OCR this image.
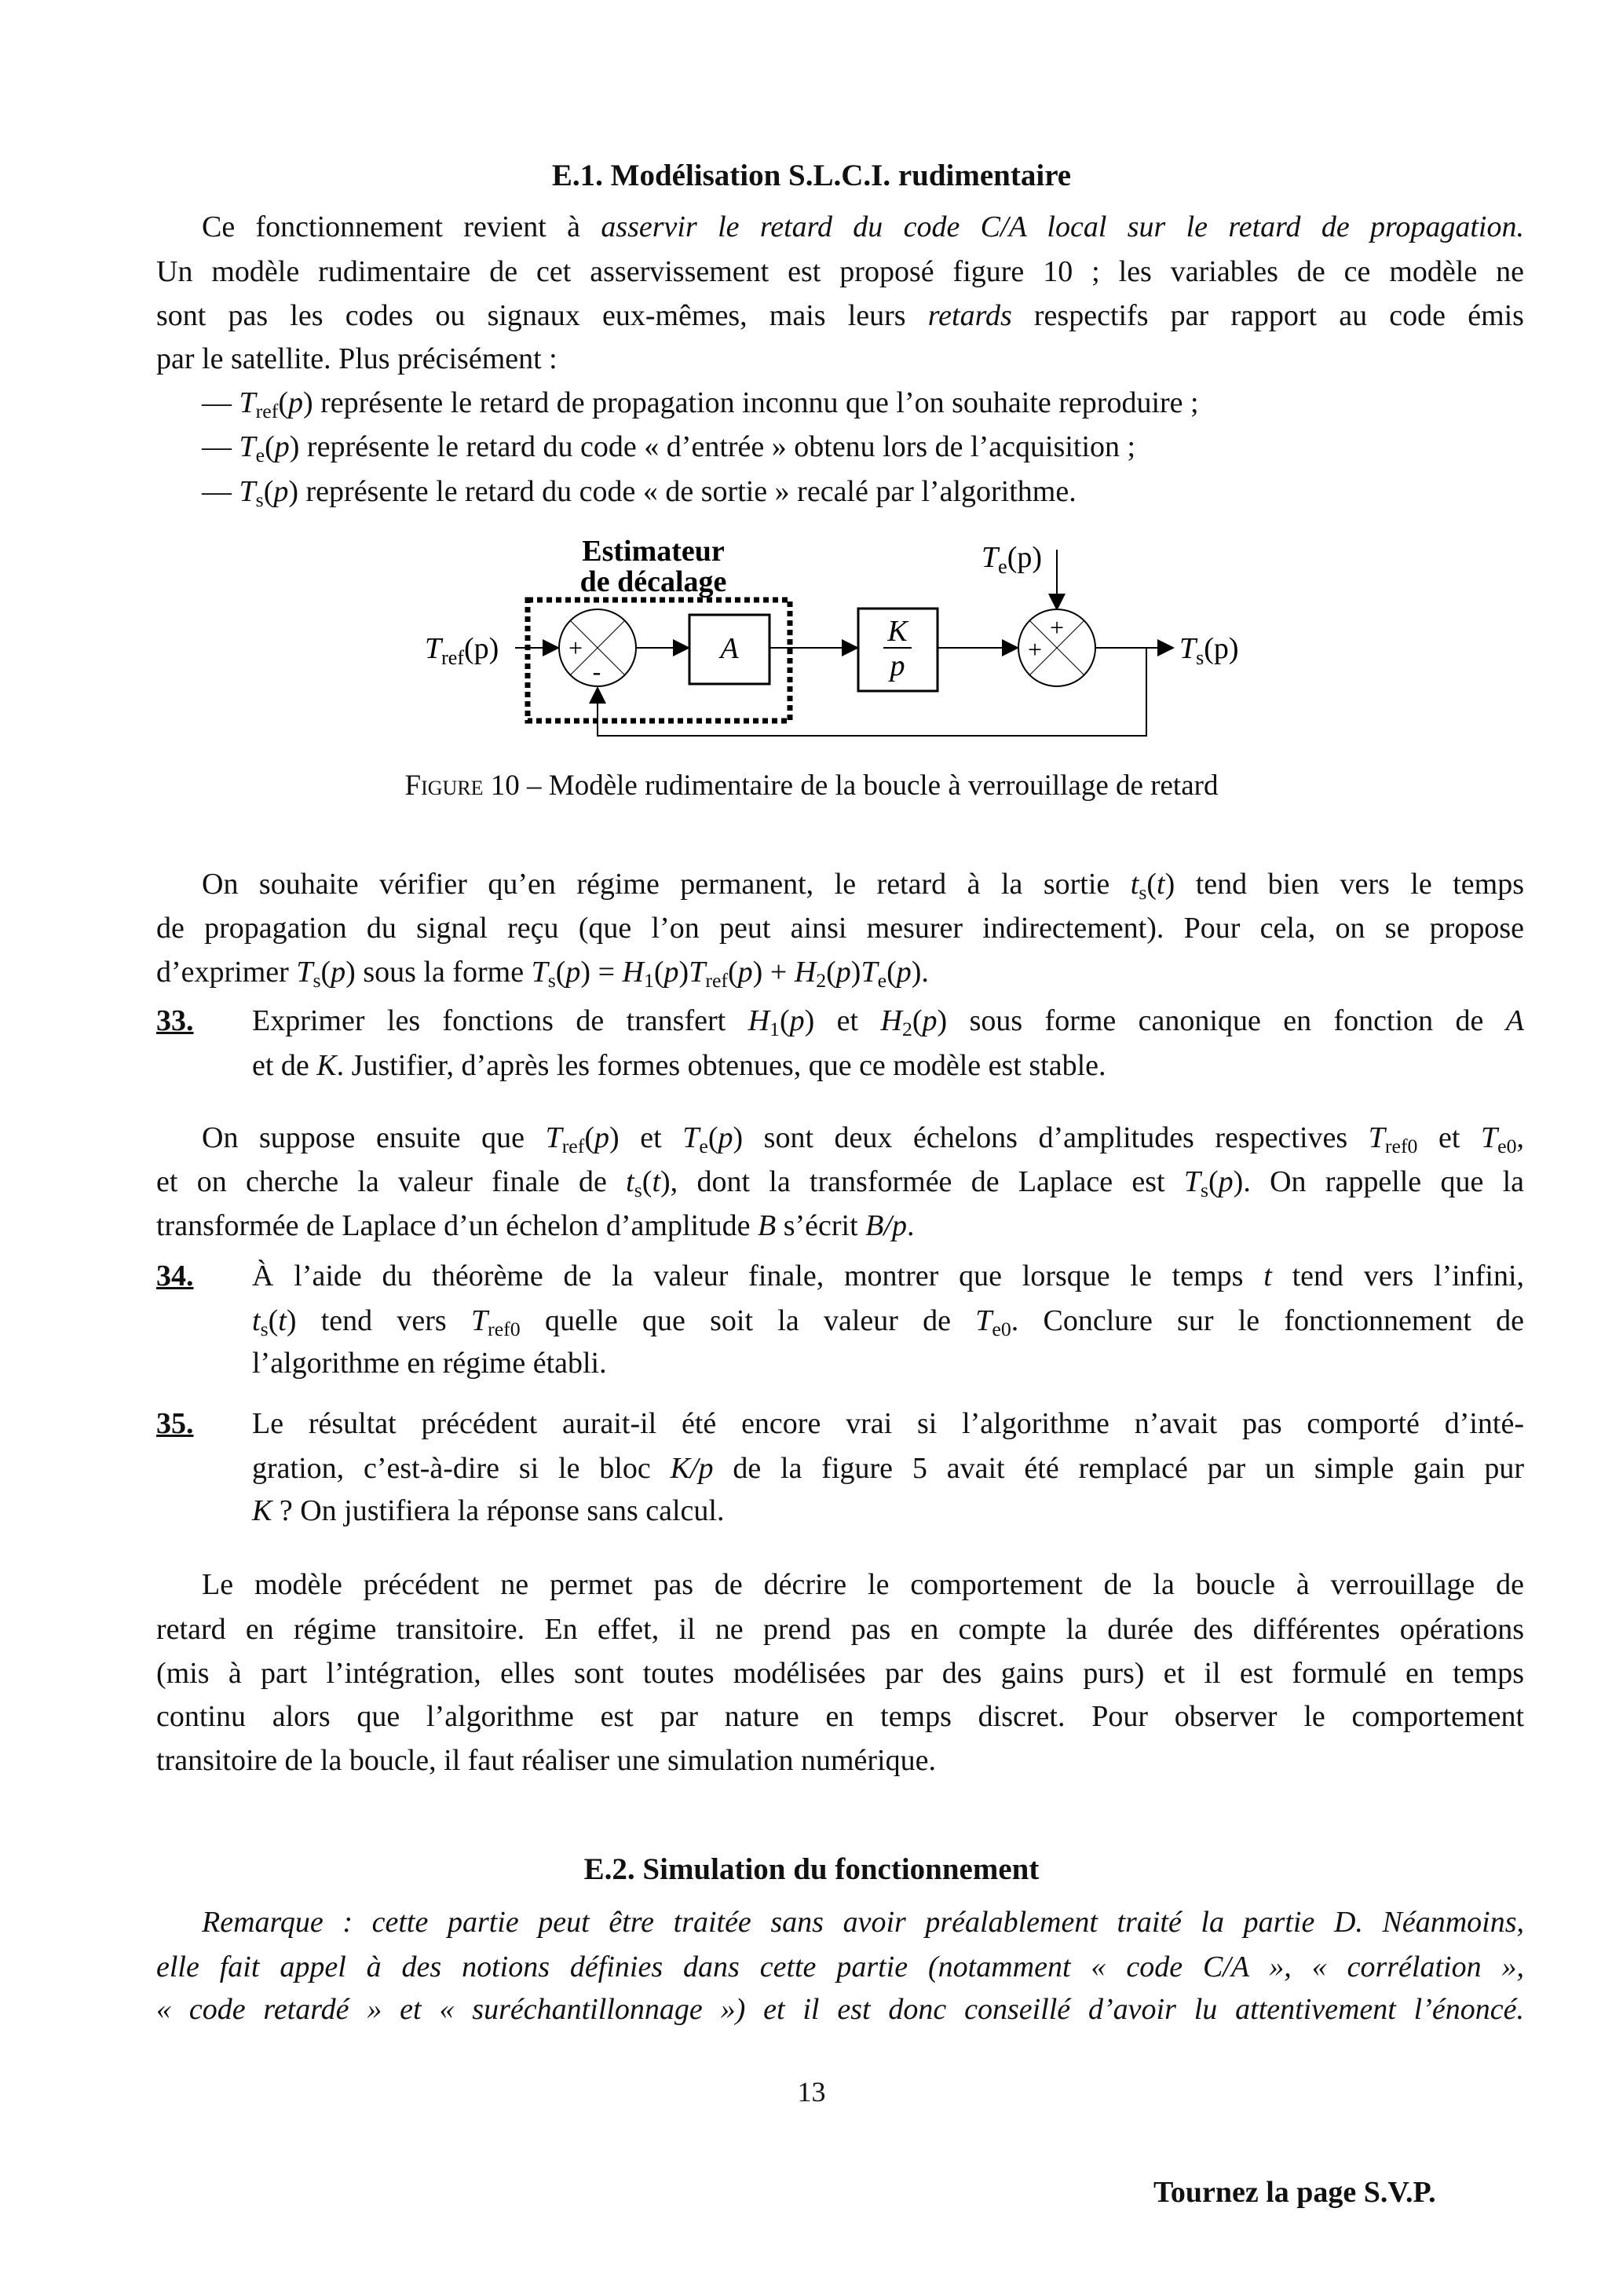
E.1. Modélisation S.L.C.I. rudimentaire
Ce fonctionnement revient à asservir le retard du code C/A local sur le retard de propagation.
Un modèle rudimentaire de cet asservissement est proposé figure 10 ; les variables de ce modèle ne
sont pas les codes ou signaux eux-mêmes, mais leurs retards respectifs par rapport au code émis
par le satellite. Plus précisément :
— $T_{ref}(p)$ représente le retard de propagation inconnu que l’on souhaite reproduire ;
— $T_e(p)$ représente le retard du code « d’entrée » obtenu lors de l’acquisition ;
— $T_s(p)$ représente le retard du code « de sortie » recalé par l’algorithme.
Estimateur
de décalage
$T_{ref}(p)$	+
-
A
K
p
$T_e(p)$
+
+
$T_s(p)$
Figure 10 – Modèle rudimentaire de la boucle à verrouillage de retard
On souhaite vérifier qu’en régime permanent, le retard à la sortie $t_s(t)$ tend bien vers le temps
de propagation du signal reçu (que l’on peut ainsi mesurer indirectement). Pour cela, on se propose
d’exprimer $T_s(p)$ sous la forme $T_s(p) = H_1(p)T_{ref}(p) + H_2(p)T_e(p)$.
33. Exprimer les fonctions de transfert $H_1(p)$ et $H_2(p)$ sous forme canonique en fonction de A
et de K. Justifier, d’après les formes obtenues, que ce modèle est stable.
On suppose ensuite que $T_{ref}(p)$ et $T_e(p)$ sont deux échelons d’amplitudes respectives $T_{ref0}$ et $T_{e0}$,
et on cherche la valeur finale de $t_s(t)$, dont la transformée de Laplace est $T_s(p)$. On rappelle que la
transformée de Laplace d’un échelon d’amplitude B s’écrit B/p.
34. À l’aide du théorème de la valeur finale, montrer que lorsque le temps t tend vers l’infini,
$t_s(t)$ tend vers $T_{ref0}$ quelle que soit la valeur de $T_{e0}$. Conclure sur le fonctionnement de
l’algorithme en régime établi.
35. Le résultat précédent aurait-il été encore vrai si l’algorithme n’avait pas comporté d’inté-
gration, c’est-à-dire si le bloc K/p de la figure 5 avait été remplacé par un simple gain pur
K ? On justifiera la réponse sans calcul.
Le modèle précédent ne permet pas de décrire le comportement de la boucle à verrouillage de
retard en régime transitoire. En effet, il ne prend pas en compte la durée des différentes opérations
(mis à part l’intégration, elles sont toutes modélisées par des gains purs) et il est formulé en temps
continu alors que l’algorithme est par nature en temps discret. Pour observer le comportement
transitoire de la boucle, il faut réaliser une simulation numérique.
E.2. Simulation du fonctionnement
Remarque : cette partie peut être traitée sans avoir préalablement traité la partie D. Néanmoins,
elle fait appel à des notions définies dans cette partie (notamment « code C/A », « corrélation »,
« code retardé » et « suréchantillonnage ») et il est donc conseillé d’avoir lu attentivement l’énoncé.
13
Tournez la page S.V.P.
